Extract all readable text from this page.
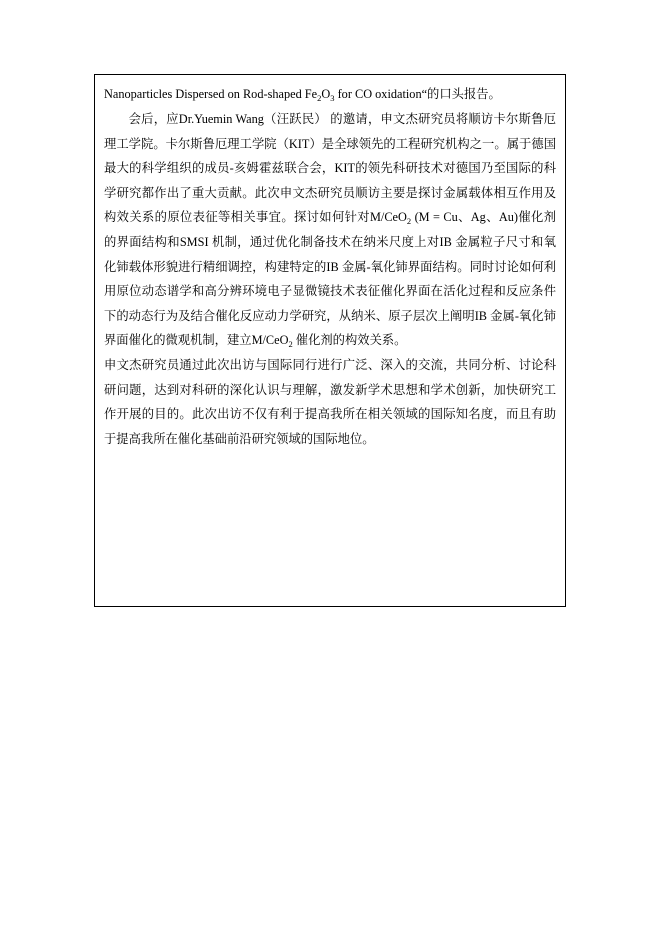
Nanoparticles Dispersed on Rod-shaped $Fe_2O_3$ for CO oxidation“的口头报告。

会后，应Dr.Yuemin Wang（汪跃民） 的邀请，申文杰研究员将顺访卡尔斯鲁厄理工学院。卡尔斯鲁厄理工学院（KIT）是全球领先的工程研究机构之一。属于德国最大的科学组织的成员-亥姆霍兹联合会，KIT的领先科研技术对德国乃至国际的科学研究都作出了重大贡献。此次申文杰研究员顺访主要是探讨金属载体相互作用及构效关系的原位表征等相关事宜。探讨如何针对M/CeO$_2$ (M = Cu、Ag、Au)催化剂的界面结构和SMSI 机制，通过优化制备技术在纳米尺度上对IB 金属粒子尺寸和氧化铈载体形貌进行精细调控，构建特定的IB 金属-氧化铈界面结构。同时讨论如何利用原位动态谱学和高分辨环境电子显微镜技术表征催化界面在活化过程和反应条件下的动态行为及结合催化反应动力学研究，从纳米、原子层次上阐明IB 金属-氧化铈界面催化的微观机制，建立M/CeO$_2$ 催化剂的构效关系。

申文杰研究员通过此次出访与国际同行进行广泛、深入的交流，共同分析、讨论科研问题，达到对科研的深化认识与理解，激发新学术思想和学术创新，加快研究工作开展的目的。此次出访不仅有利于提高我所在相关领域的国际知名度，而且有助于提高我所在催化基础前沿研究领域的国际地位。
